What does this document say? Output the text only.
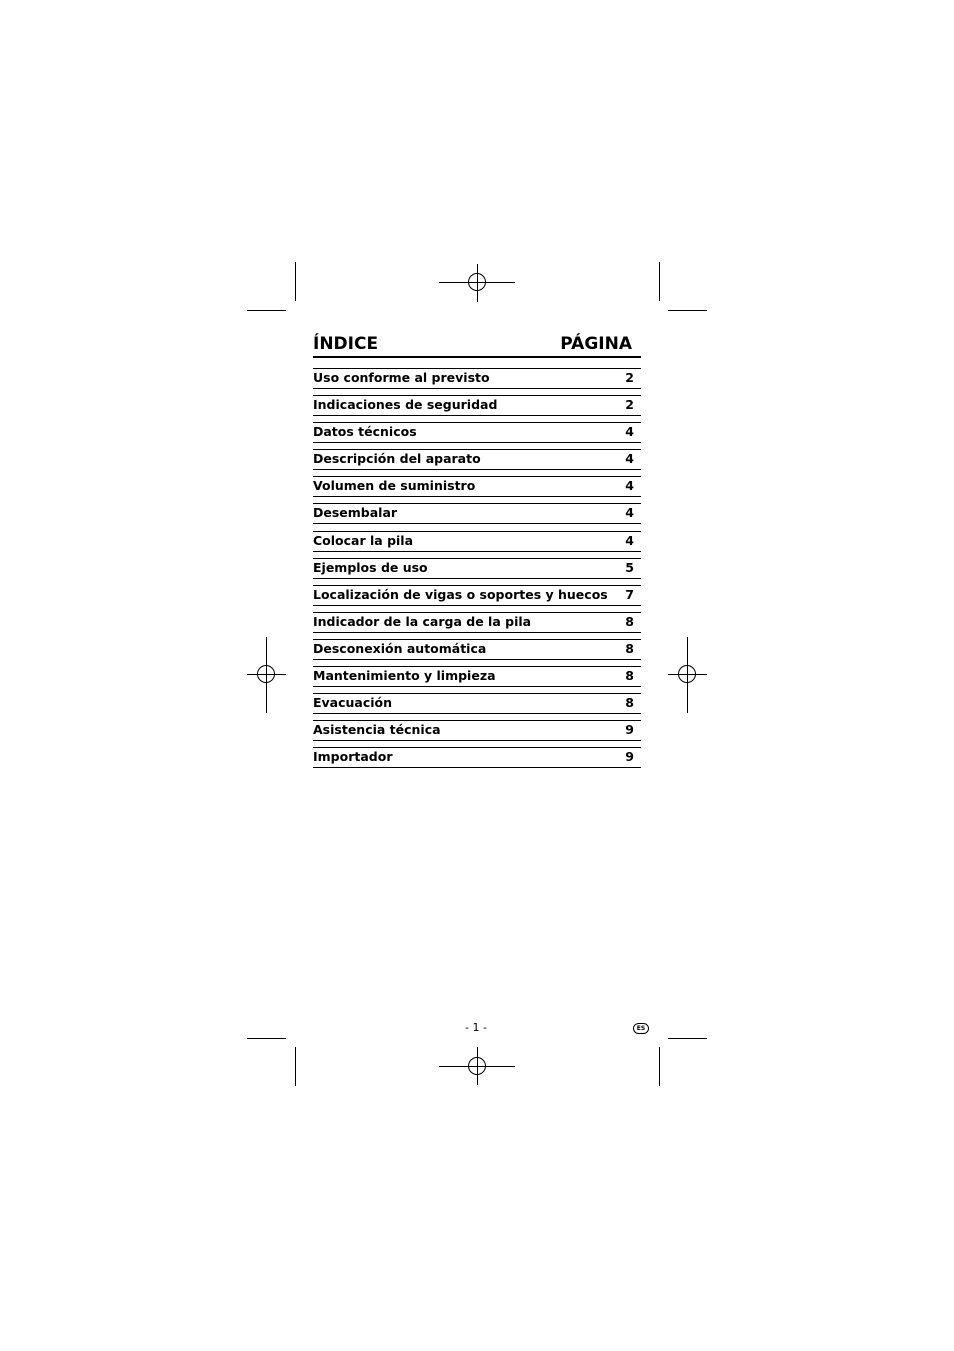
ÍNDICE	PÁGINA
Uso conforme al previsto	2
Indicaciones de seguridad	2
Datos técnicos	4
Descripción del aparato	4
Volumen de suministro	4
Desembalar	4
Colocar la pila	4
Ejemplos de uso	5
Localización de vigas o soportes y huecos 7
Indicador de la carga de la pila	8
Desconexión automática	8
Mantenimiento y limpieza	8
Evacuación	8
Asistencia técnica	9
Importador	9
- 1 -	ES
